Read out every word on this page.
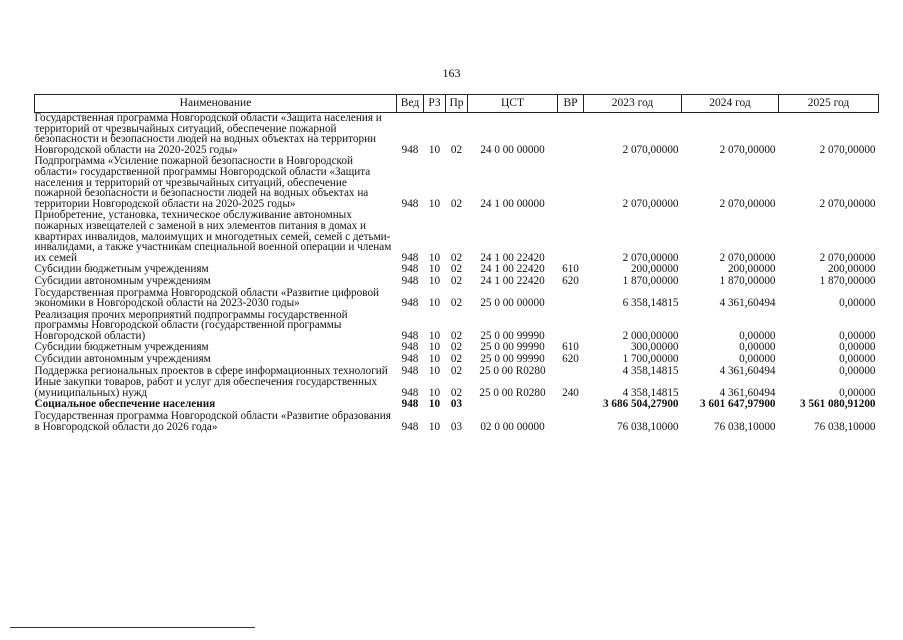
163
Наименование	Вед	РЗ	Пр	ЦСТ	ВР	2023 год	2024 год	2025 год
Государственная программа Новгородской области «Защита населения и территорий от чрезвычайных ситуаций, обеспечение пожарной безопасности и безопасности людей на водных объектах на территории Новгородской области на 2020-2025 годы»	948	10	02	24 0 00 00000		2 070,00000	2 070,00000	2 070,00000
Подпрограмма «Усиление пожарной безопасности в Новгородской области» государственной программы Новгородской области «Защита населения и территорий от чрезвычайных ситуаций, обеспечение пожарной безопасности и безопасности людей на водных объектах на территории Новгородской области на 2020-2025 годы»	948	10	02	24 1 00 00000		2 070,00000	2 070,00000	2 070,00000
Приобретение, установка, техническое обслуживание автономных пожарных извещателей с заменой в них элементов питания в домах и квартирах инвалидов, малоимущих и многодетных семей, семей с детьми-инвалидами, а также участникам специальной военной операции и членам их семей	948	10	02	24 1 00 22420		2 070,00000	2 070,00000	2 070,00000
Субсидии бюджетным учреждениям	948	10	02	24 1 00 22420	610	200,00000	200,00000	200,00000
Субсидии автономным учреждениям	948	10	02	24 1 00 22420	620	1 870,00000	1 870,00000	1 870,00000
Государственная программа Новгородской области «Развитие цифровой экономики в Новгородской области на 2023-2030 годы»	948	10	02	25 0 00 00000		6 358,14815	4 361,60494	0,00000
Реализация прочих мероприятий подпрограммы государственной программы Новгородской области (государственной программы Новгородской области)	948	10	02	25 0 00 99990		2 000,00000	0,00000	0,00000
Субсидии бюджетным учреждениям	948	10	02	25 0 00 99990	610	300,00000	0,00000	0,00000
Субсидии автономным учреждениям	948	10	02	25 0 00 99990	620	1 700,00000	0,00000	0,00000
Поддержка региональных проектов в сфере информационных технологий	948	10	02	25 0 00 R0280		4 358,14815	4 361,60494	0,00000
Иные закупки товаров, работ и услуг для обеспечения государственных (муниципальных) нужд	948	10	02	25 0 00 R0280	240	4 358,14815	4 361,60494	0,00000
Социальное обеспечение населения	948	10	03			3 686 504,27900	3 601 647,97900	3 561 080,91200
Государственная программа Новгородской области «Развитие образования в Новгородской области до 2026 года»	948	10	03	02 0 00 00000		76 038,10000	76 038,10000	76 038,10000
